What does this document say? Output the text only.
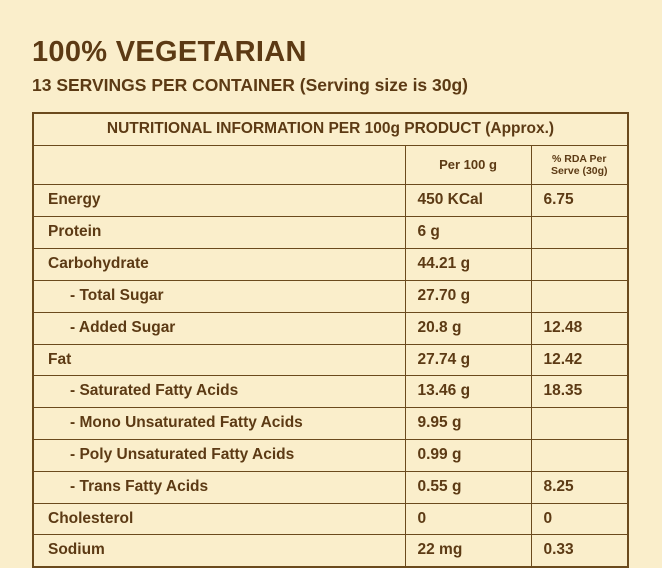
100% VEGETARIAN
13 SERVINGS PER CONTAINER (Serving size is 30g)
NUTRITIONAL INFORMATION PER 100g PRODUCT (Approx.)		
	Per 100 g	% RDA Per
Serve (30g)
Energy	450 KCal	6.75
Protein	6 g	
Carbohydrate	44.21 g	
- Total Sugar	27.70 g	
- Added Sugar	20.8 g	12.48
Fat	27.74 g	12.42
- Saturated Fatty Acids	13.46 g	18.35
- Mono Unsaturated Fatty Acids	9.95 g	
- Poly Unsaturated Fatty Acids	0.99 g	
- Trans Fatty Acids	0.55 g	8.25
Cholesterol	0	0
Sodium	22 mg	0.33
